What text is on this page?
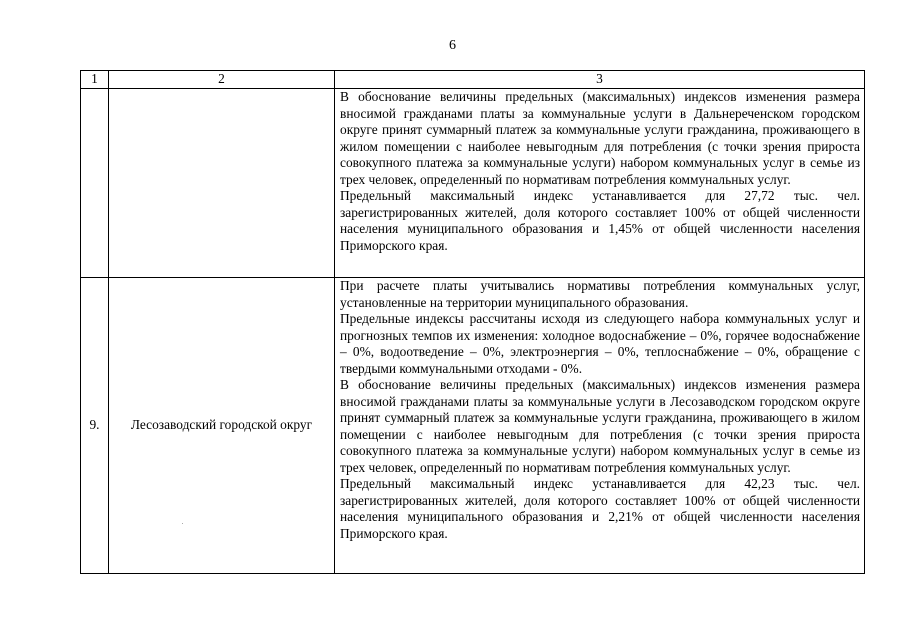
6
1	2	3

		В обоснование величины предельных (максимальных) индексов изменения размера вносимой гражданами платы за коммунальные услуги в Дальнереченском городском округе принят суммарный платеж за коммунальные услуги гражданина, проживающего в жилом помещении с наиболее невыгодным для потребления (с точки зрения прироста совокупного платежа за коммунальные услуги) набором коммунальных услуг в семье из трех человек, определенный по нормативам потребления коммунальных услуг.

Предельный максимальный индекс устанавливается для 27,72 тыс. чел. зарегистрированных жителей, доля которого составляет 100% от общей численности населения муниципального образования и 1,45% от общей численности населения Приморского края.

9.	Лесозаводский городской округ	При расчете платы учитывались нормативы потребления коммунальных услуг, установленные на территории муниципального образования.

Предельные индексы рассчитаны исходя из следующего набора коммунальных услуг и прогнозных темпов их изменения: холодное водоснабжение – 0%, горячее водоснабжение – 0%, водоотведение – 0%, электроэнергия – 0%, теплоснабжение – 0%, обращение с твердыми коммунальными отходами - 0%.

В обоснование величины предельных (максимальных) индексов изменения размера вносимой гражданами платы за коммунальные услуги в Лесозаводском городском округе принят суммарный платеж за коммунальные услуги гражданина, проживающего в жилом помещении с наиболее невыгодным для потребления (с точки зрения прироста совокупного платежа за коммунальные услуги) набором коммунальных услуг в семье из трех человек, определенный по нормативам потребления коммунальных услуг.

Предельный максимальный индекс устанавливается для 42,23 тыс. чел. зарегистрированных жителей, доля которого составляет 100% от общей численности населения муниципального образования и 2,21% от общей численности населения Приморского края.
